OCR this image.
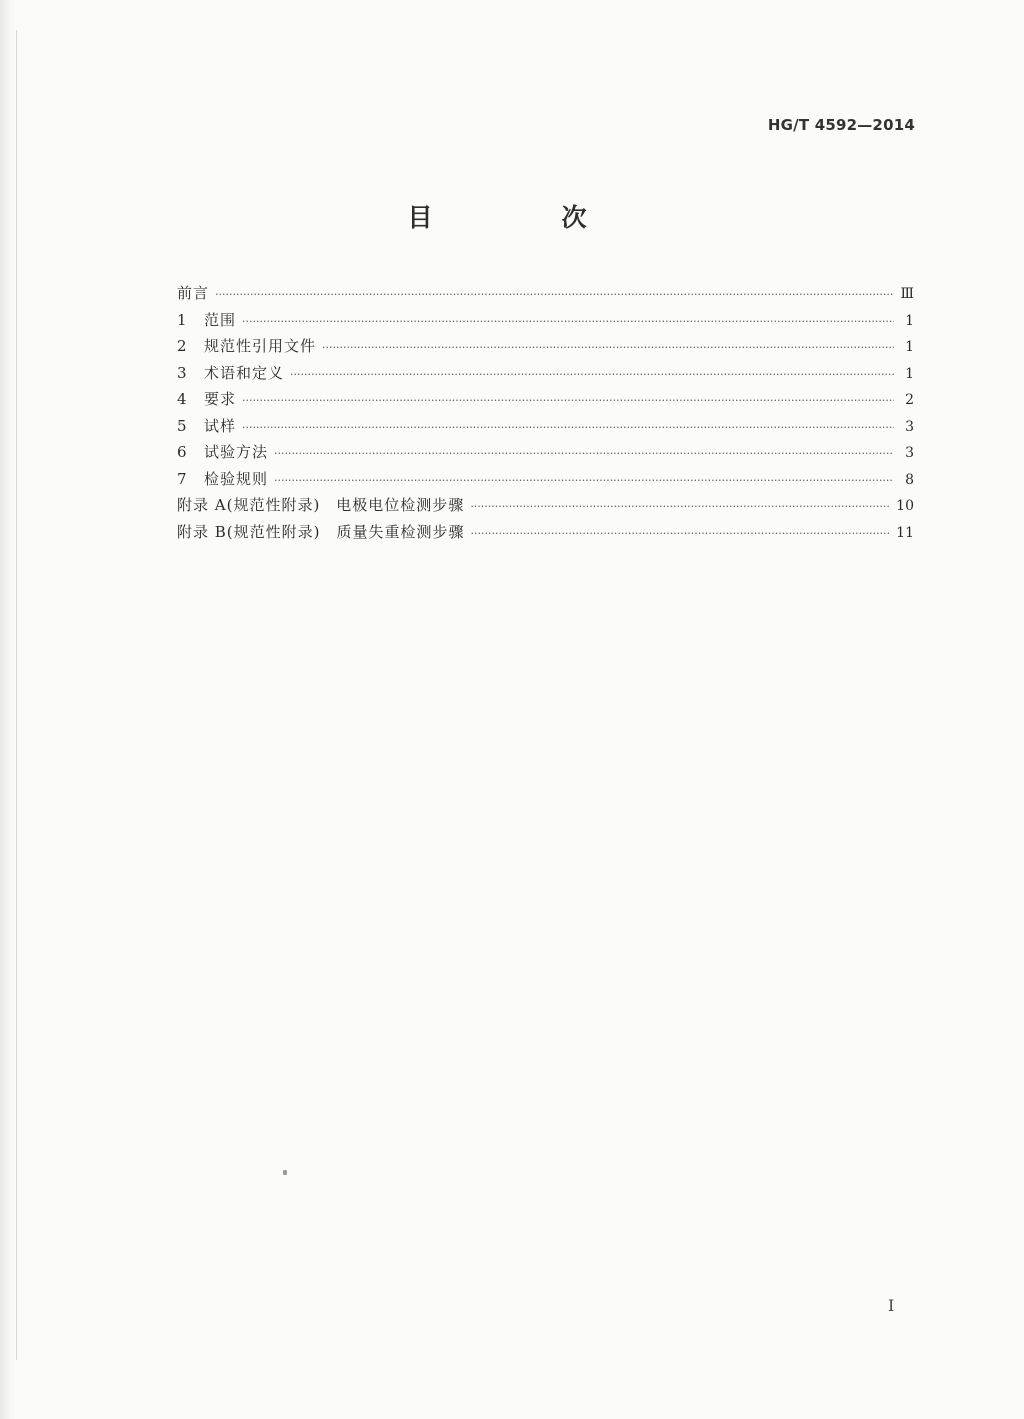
HG/T 4592—2014
目　次
前言 ·····	Ⅲ
1	范围 ·····	1
2	规范性引用文件 ·····	1
3	术语和定义 ·····	1
4	要求 ·····	2
5	试样 ·····	3
6	试验方法 ·····	3
7	检验规则 ·····	8
附录 A(规范性附录)　电极电位检测步骤 ·····	10
附录 B(规范性附录)　质量失重检测步骤 ·····	11
Ⅰ
